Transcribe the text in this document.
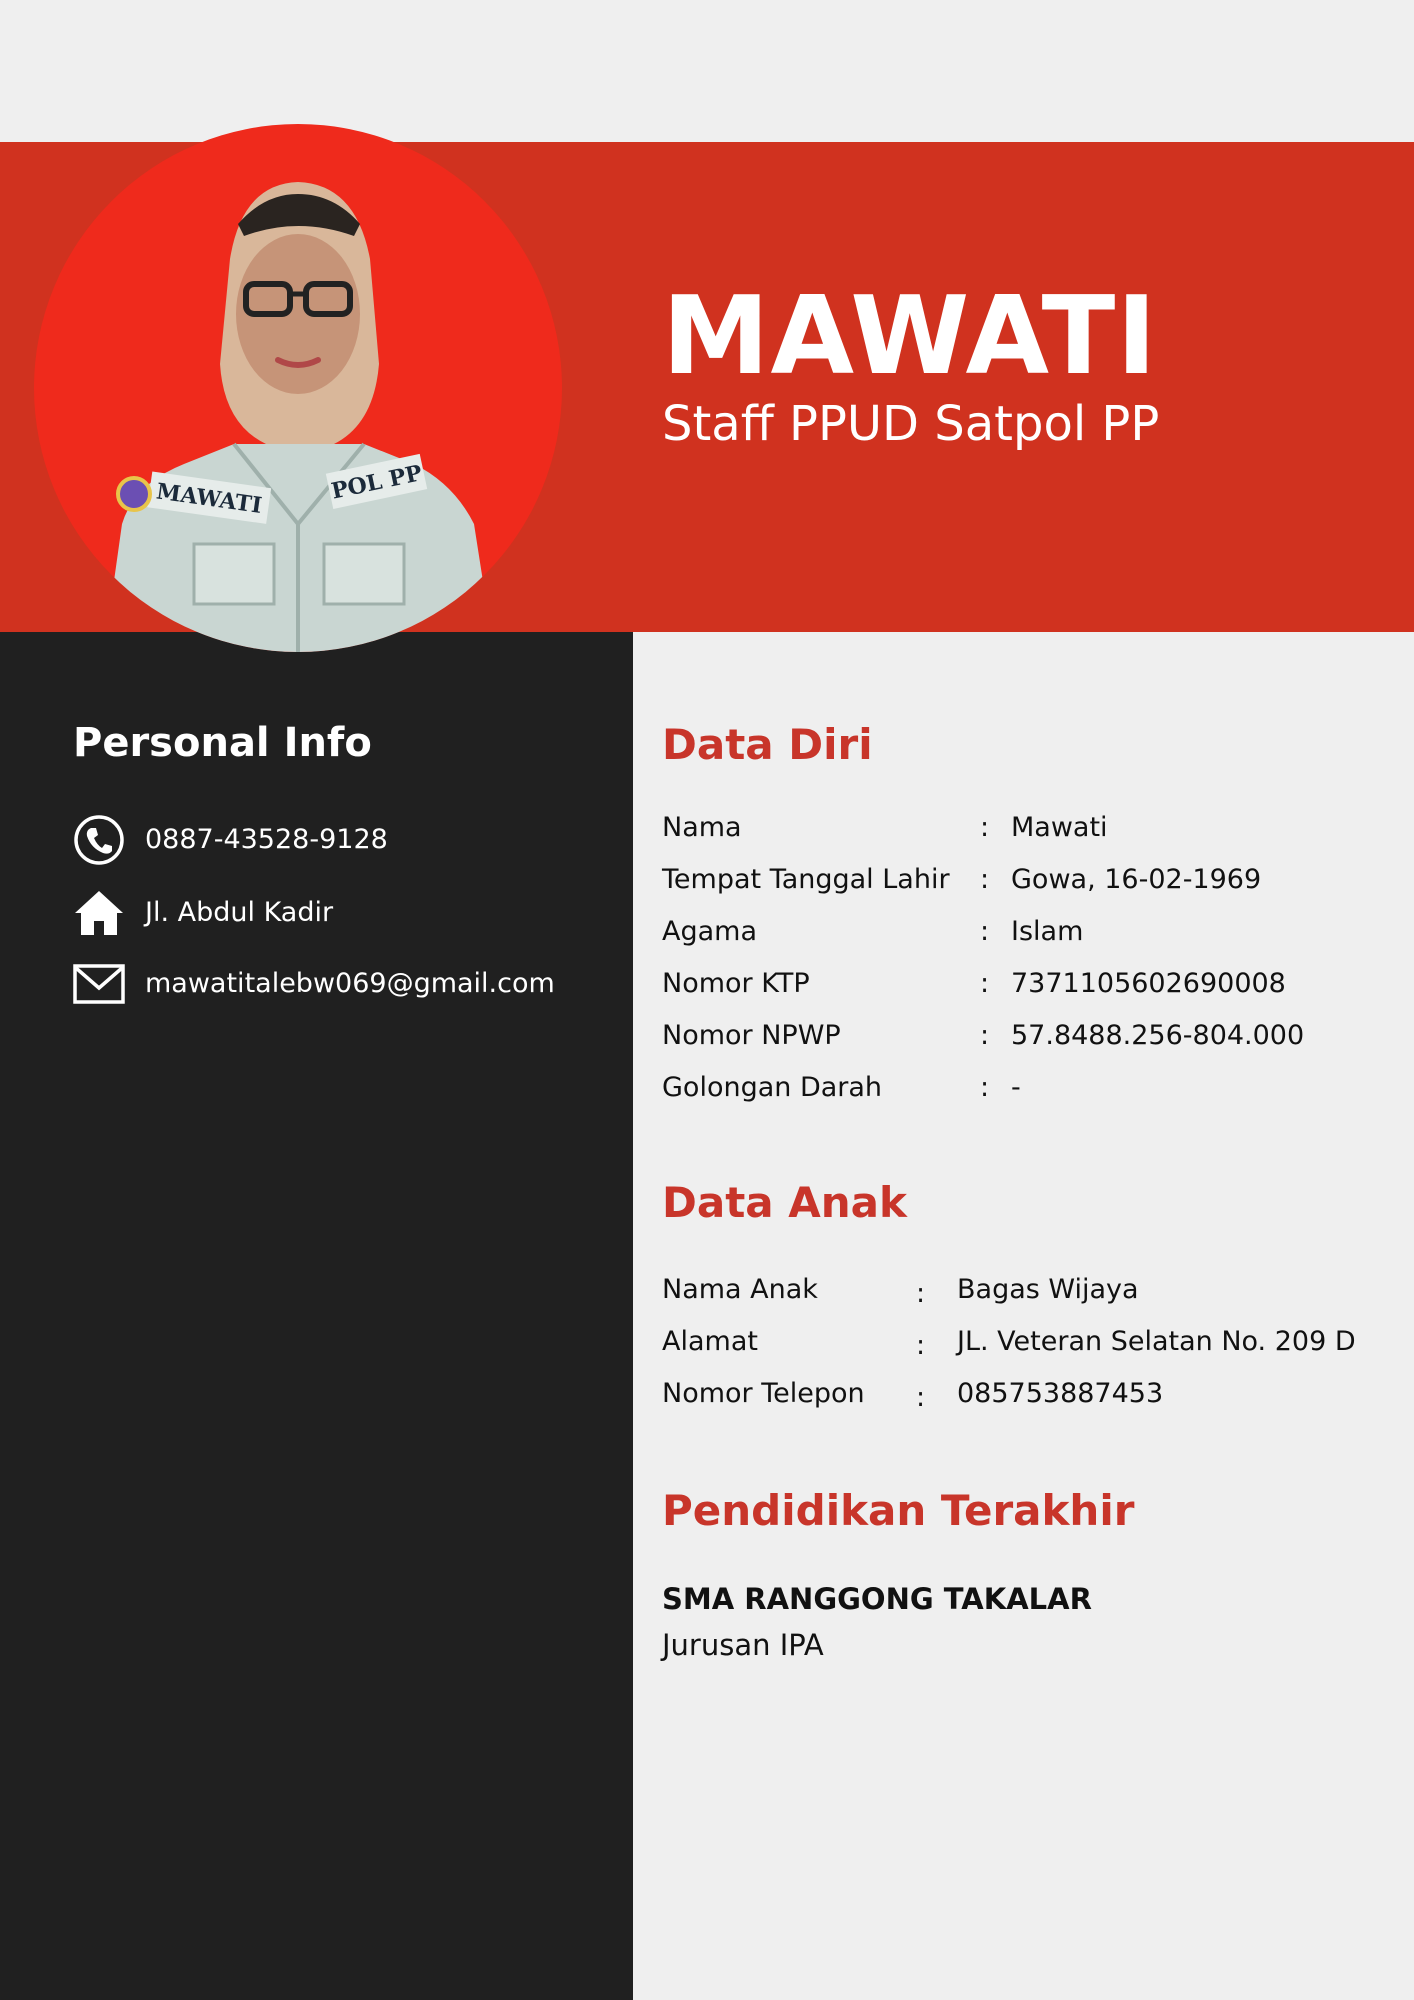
MAWATI	POL PP
MAWATI

Staff PPUD Satpol PP

Personal Info
0887-43528-9128
Jl. Abdul Kadir
mawatitalebw069@gmail.com
Data Diri
Nama	: Mawati
Tempat Tanggal Lahir : Gowa, 16-02-1969
Agama	: Islam
Nomor KTP	: 7371105602690008
Nomor NPWP	: 57.8488.256-804.000
Golongan Darah	: -
Data Anak
Nama Anak	: Bagas Wijaya
Alamat	: JL. Veteran Selatan No. 209 D
Nomor Telepon : 085753887453
Pendidikan Terakhir
SMA RANGGONG TAKALAR
Jurusan IPA
